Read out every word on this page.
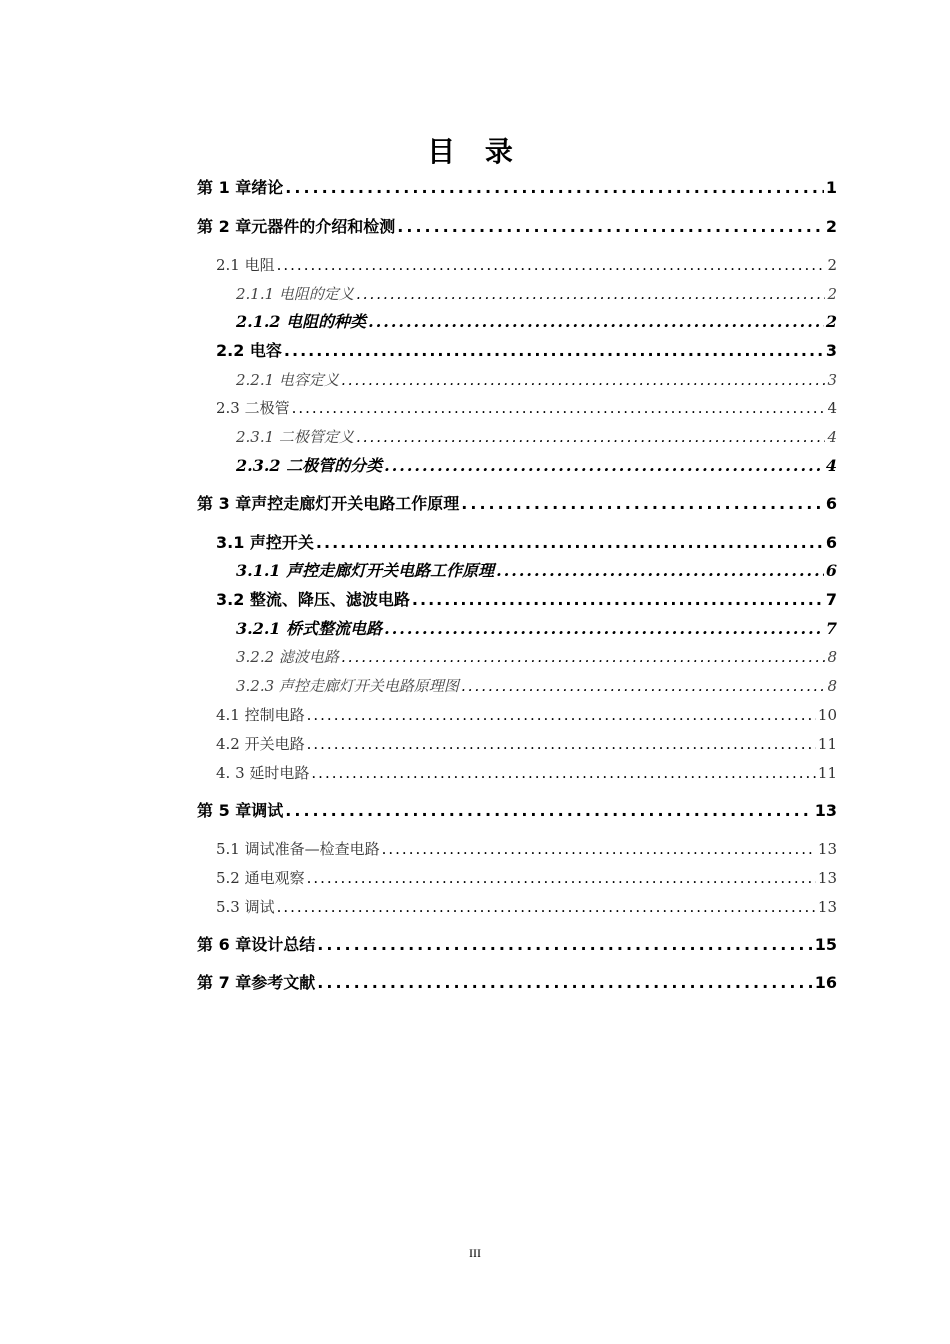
目 录
第 1 章绪论 .....	1
第 2 章元器件的介绍和检测 .....	2
2.1 电阻 .....	2
2.1.1 电阻的定义 .....	2
2.1.2 电阻的种类 .....	2
2.2 电容 .....	3
2.2.1 电容定义 .....	3
2.3 二极管 .....	4
2.3.1 二极管定义 .....	4
2.3.2 二极管的分类 .....	4
第 3 章声控走廊灯开关电路工作原理 .....	6
3.1 声控开关 .....	6
3.1.1 声控走廊灯开关电路工作原理 .....	6
3.2 整流、降压、滤波电路 .....	7
3.2.1 桥式整流电路 .....	7
3.2.2 滤波电路 .....	8
3.2.3 声控走廊灯开关电路原理图 .....	8
4.1 控制电路 .....	10
4.2 开关电路 .....	11
4. 3 延时电路 .....	11
第 5 章调试 .....	13
5.1 调试准备—检查电路 .....	13
5.2 通电观察 .....	13
5.3 调试 .....	13
第 6 章设计总结 .....	15
第 7 章参考文献 .....	16
III
